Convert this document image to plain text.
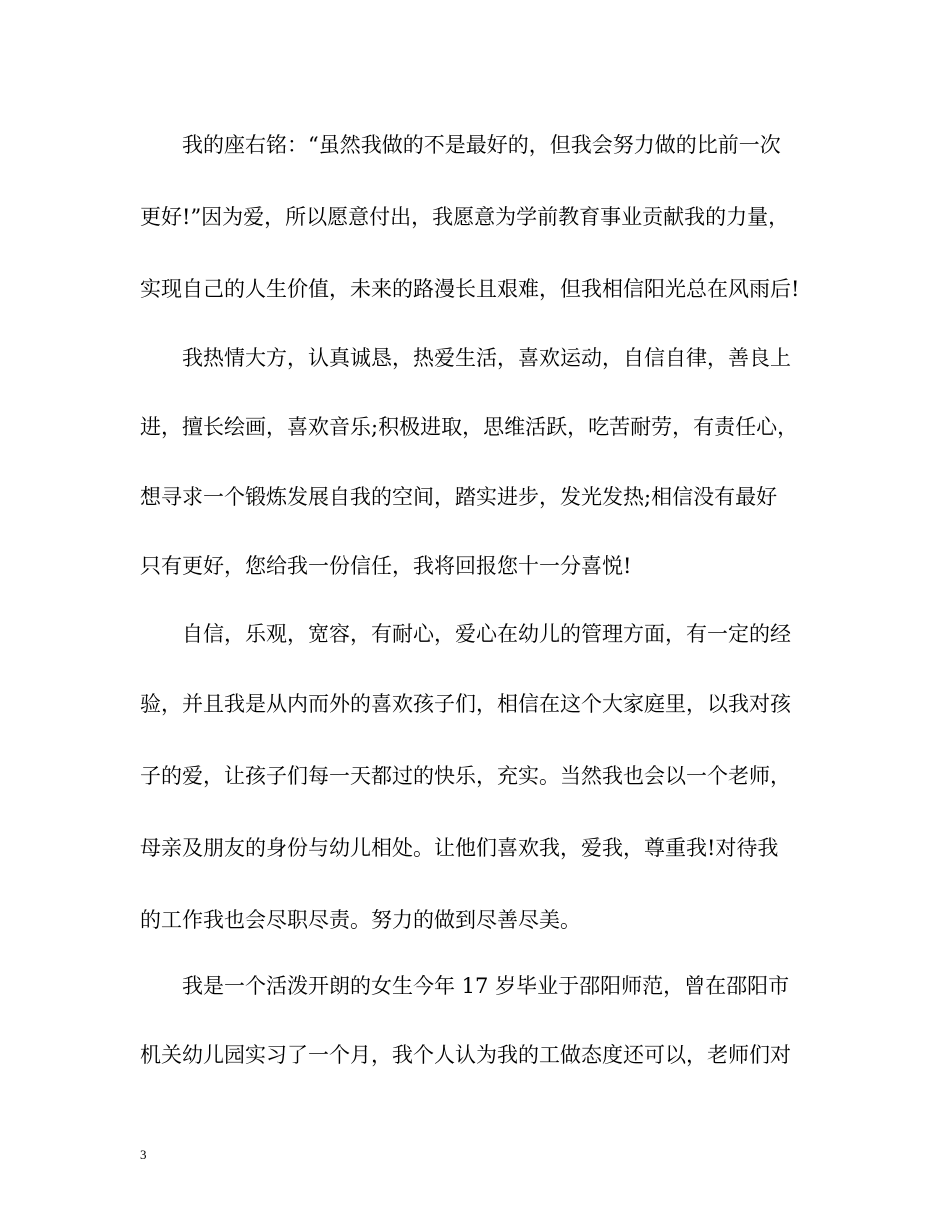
我的座右铭：“虽然我做的不是最好的，但我会努力做的比前一次
更好!”因为爱，所以愿意付出，我愿意为学前教育事业贡献我的力量，
实现自己的人生价值，未来的路漫长且艰难，但我相信阳光总在风雨后!
我热情大方，认真诚恳，热爱生活，喜欢运动，自信自律，善良上
进，擅长绘画，喜欢音乐;积极进取，思维活跃，吃苦耐劳，有责任心，
想寻求一个锻炼发展自我的空间，踏实进步，发光发热;相信没有最好
只有更好，您给我一份信任，我将回报您十一分喜悦!
自信，乐观，宽容，有耐心，爱心在幼儿的管理方面，有一定的经
验，并且我是从内而外的喜欢孩子们，相信在这个大家庭里，以我对孩
子的爱，让孩子们每一天都过的快乐，充实。当然我也会以一个老师，
母亲及朋友的身份与幼儿相处。让他们喜欢我，爱我，尊重我!对待我
的工作我也会尽职尽责。努力的做到尽善尽美。
我是一个活泼开朗的女生今年 17 岁毕业于邵阳师范，曾在邵阳市
机关幼儿园实习了一个月，我个人认为我的工做态度还可以，老师们对
3
